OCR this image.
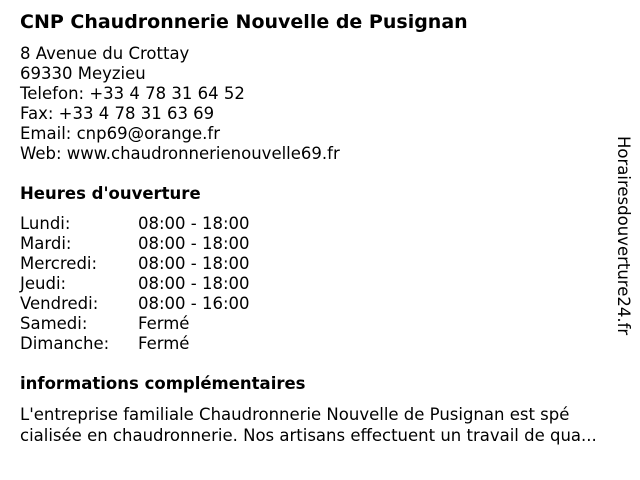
CNP Chaudronnerie Nouvelle de Pusignan
8 Avenue du Crottay
69330 Meyzieu
Telefon: +33 4 78 31 64 52
Fax: +33 4 78 31 63 69
Email: cnp69@orange.fr
Web: www.chaudronnerienouvelle69.fr
Heures d'ouverture
Lundi:	08:00 - 18:00
Mardi:	08:00 - 18:00
Mercredi: 08:00 - 18:00
Jeudi:	08:00 - 18:00
Vendredi: 08:00 - 16:00
Samedi:	Fermé
Dimanche: Fermé
informations complémentaires
L'entreprise familiale Chaudronnerie Nouvelle de Pusignan est spé
cialisée en chaudronnerie. Nos artisans effectuent un travail de qua...
Horairesdouverture24.fr
